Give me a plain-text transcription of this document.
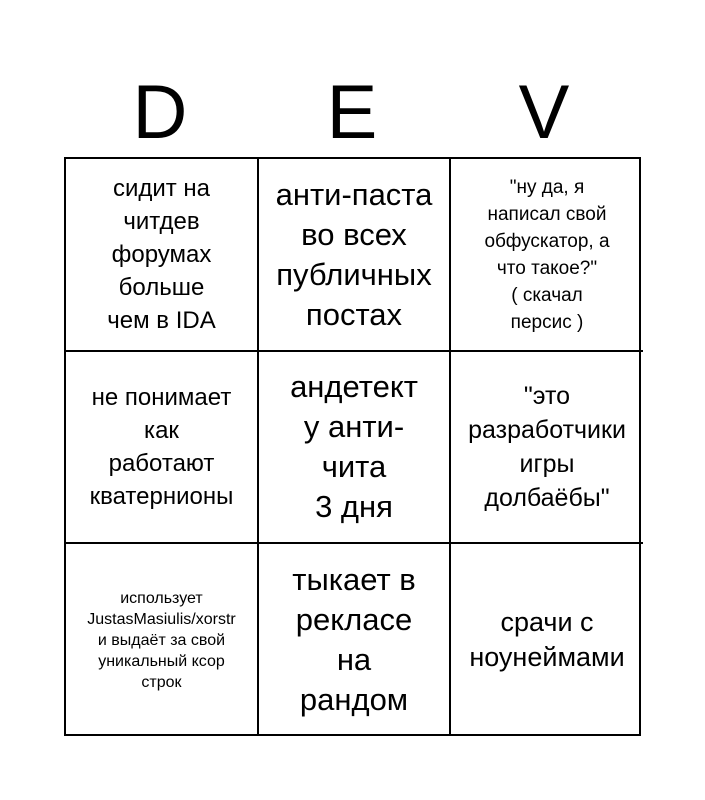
D	E	V
сидит на
читдев
форумах
больше
чем в IDA
анти-паста
во всех
публичных
постах
"ну да, я
написал свой
обфускатор, а
что такое?"
( скачал
персис )
не понимает
как
работают
кватернионы
андетект
у анти-
чита
3 дня
"это
разработчики
игры
долбаёбы"
использует
JustasMasiulis/xorstr
и выдаёт за свой
уникальный ксор
строк
тыкает в
рекласе
на
рандом
срачи с
ноунеймами
